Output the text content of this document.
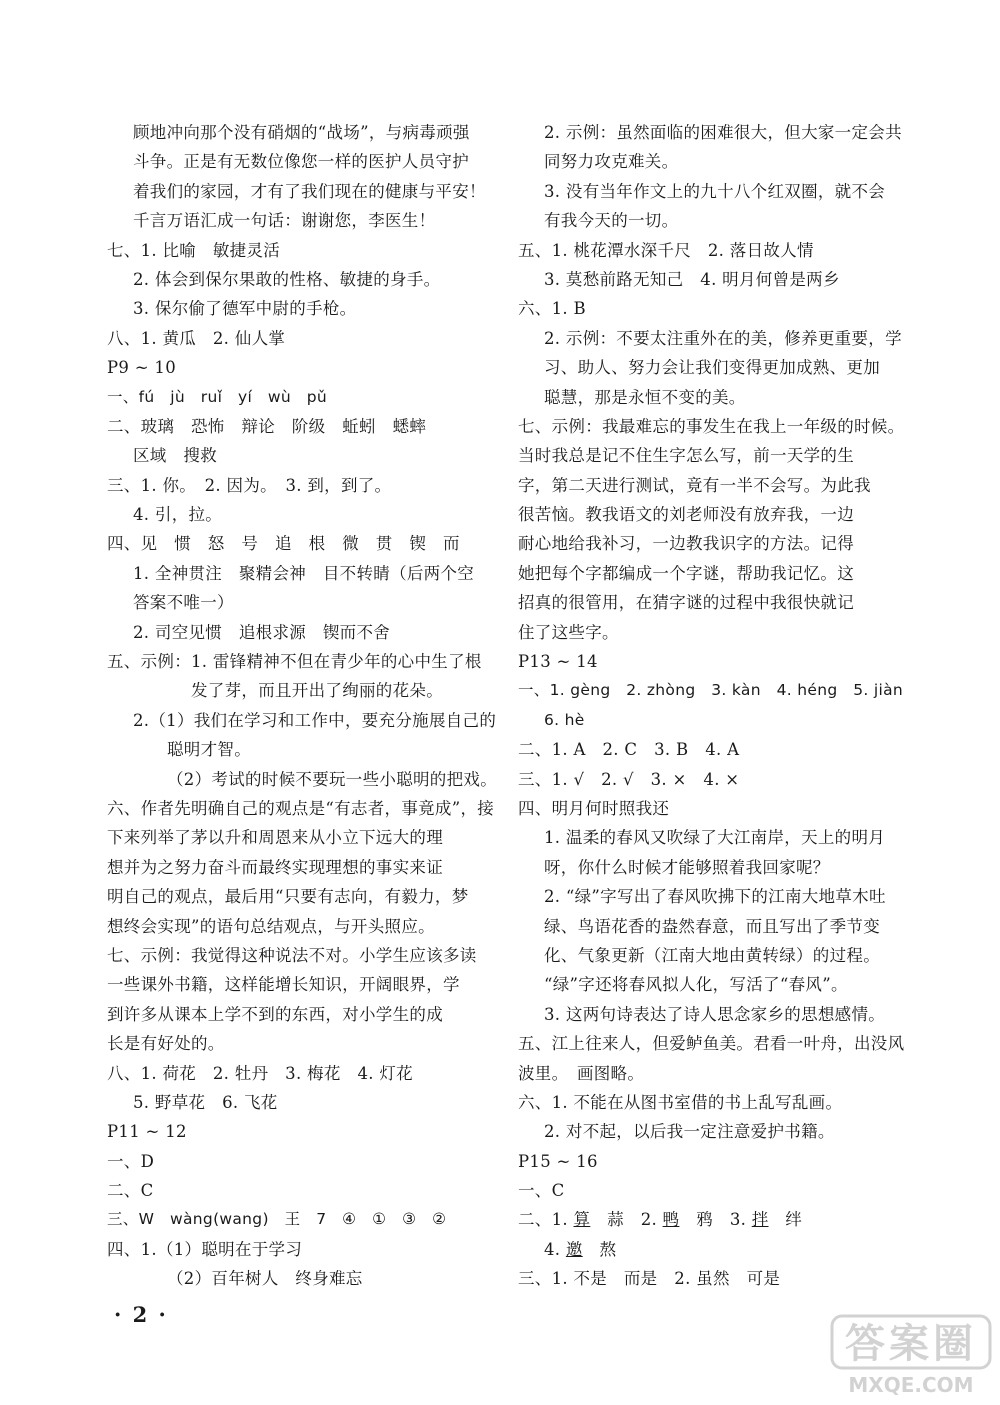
顾地冲向那个没有硝烟的“战场”，与病毒顽强
斗争。正是有无数位像您一样的医护人员守护
着我们的家园，才有了我们现在的健康与平安！
千言万语汇成一句话：谢谢您，李医生！
七、1. 比喻　敏捷灵活
2. 体会到保尔果敢的性格、敏捷的身手。
3. 保尔偷了德军中尉的手枪。
八、1. 黄瓜　2. 仙人掌
P9 ~ 10
一、fú　jù　ruǐ　yí　wù　pǔ
二、玻璃　恐怖　辩论　阶级　蚯蚓　蟋蟀
区域　搜救
三、1. 你。　2. 因为。　3. 到，到了。
4. 引，拉。
四、见　惯　怒　号　追　根　微　贯　锲　而
1. 全神贯注　聚精会神　目不转睛（后两个空
答案不唯一）
2. 司空见惯　追根求源　锲而不舍
五、示例：1. 雷锋精神不但在青少年的心中生了根
发了芽，而且开出了绚丽的花朵。
2.（1）我们在学习和工作中，要充分施展自己的
聪明才智。
（2）考试的时候不要玩一些小聪明的把戏。
六、作者先明确自己的观点是“有志者，事竟成”，接
下来列举了茅以升和周恩来从小立下远大的理
想并为之努力奋斗而最终实现理想的事实来证
明自己的观点，最后用“只要有志向，有毅力，梦
想终会实现”的语句总结观点，与开头照应。
七、示例：我觉得这种说法不对。小学生应该多读
一些课外书籍，这样能增长知识，开阔眼界，学
到许多从课本上学不到的东西，对小学生的成
长是有好处的。
八、1. 荷花　2. 牡丹　3. 梅花　4. 灯花
5. 野草花　6. 飞花
P11 ~ 12
一、D
二、C
三、W　wàng(wang)　王　7　④　①　③　②
四、1.（1）聪明在于学习
（2）百年树人　终身难忘
2. 示例：虽然面临的困难很大，但大家一定会共
同努力攻克难关。
3. 没有当年作文上的九十八个红双圈，就不会
有我今天的一切。
五、1. 桃花潭水深千尺　2. 落日故人情
3. 莫愁前路无知己　4. 明月何曾是两乡
六、1. B
2. 示例：不要太注重外在的美，修养更重要，学
习、助人、努力会让我们变得更加成熟、更加
聪慧，那是永恒不变的美。
七、示例：我最难忘的事发生在我上一年级的时候。
当时我总是记不住生字怎么写，前一天学的生
字，第二天进行测试，竟有一半不会写。为此我
很苦恼。教我语文的刘老师没有放弃我，一边
耐心地给我补习，一边教我识字的方法。记得
她把每个字都编成一个字谜，帮助我记忆。这
招真的很管用，在猜字谜的过程中我很快就记
住了这些字。
P13 ~ 14
一、1. gèng　2. zhòng　3. kàn　4. héng　5. jiàn
6. hè
二、1. A　2. C　3. B　4. A
三、1. √　2. √　3. ×　4. ×
四、明月何时照我还
1. 温柔的春风又吹绿了大江南岸，天上的明月
呀，你什么时候才能够照着我回家呢？
2. “绿”字写出了春风吹拂下的江南大地草木吐
绿、鸟语花香的盎然春意，而且写出了季节变
化、气象更新（江南大地由黄转绿）的过程。
“绿”字还将春风拟人化，写活了“春风”。
3. 这两句诗表达了诗人思念家乡的思想感情。
五、江上往来人，但爱鲈鱼美。君看一叶舟，出没风
波里。　画图略。
六、1. 不能在从图书室借的书上乱写乱画。
2. 对不起，以后我一定注意爱护书籍。
P15 ~ 16
一、C
二、1. 算　蒜　2. 鸭　鸦　3. 拌　绊
4. 邀　熬
三、1. 不是　而是　2. 虽然　可是
· 2 ·
答案圈
MXQE.COM
